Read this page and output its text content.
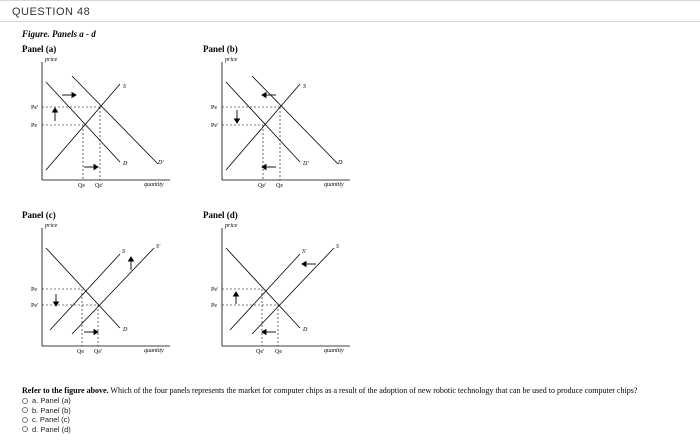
QUESTION 48
Figure. Panels a - d
Panel (a)
price
quantity
Pe'
Pe
Qe Qe'
S
D	D'
Panel (b)
price
quantity
Pe
Pe'
Qe' Qe
S
D'	D
Panel (c)
price
quantity
Pe
Pe'
Qe Qe'
S
S'
D
Panel (d)
price
quantity
Pe'
Pe
Qe' Qe
S'
S
D
Refer to the figure above. Which of the four panels represents the market for computer chips as a result of the adoption of new robotic technology that can be used to produce computer chips?
a. Panel (a)
b. Panel (b)
c. Panel (c)
d. Panel (d)
